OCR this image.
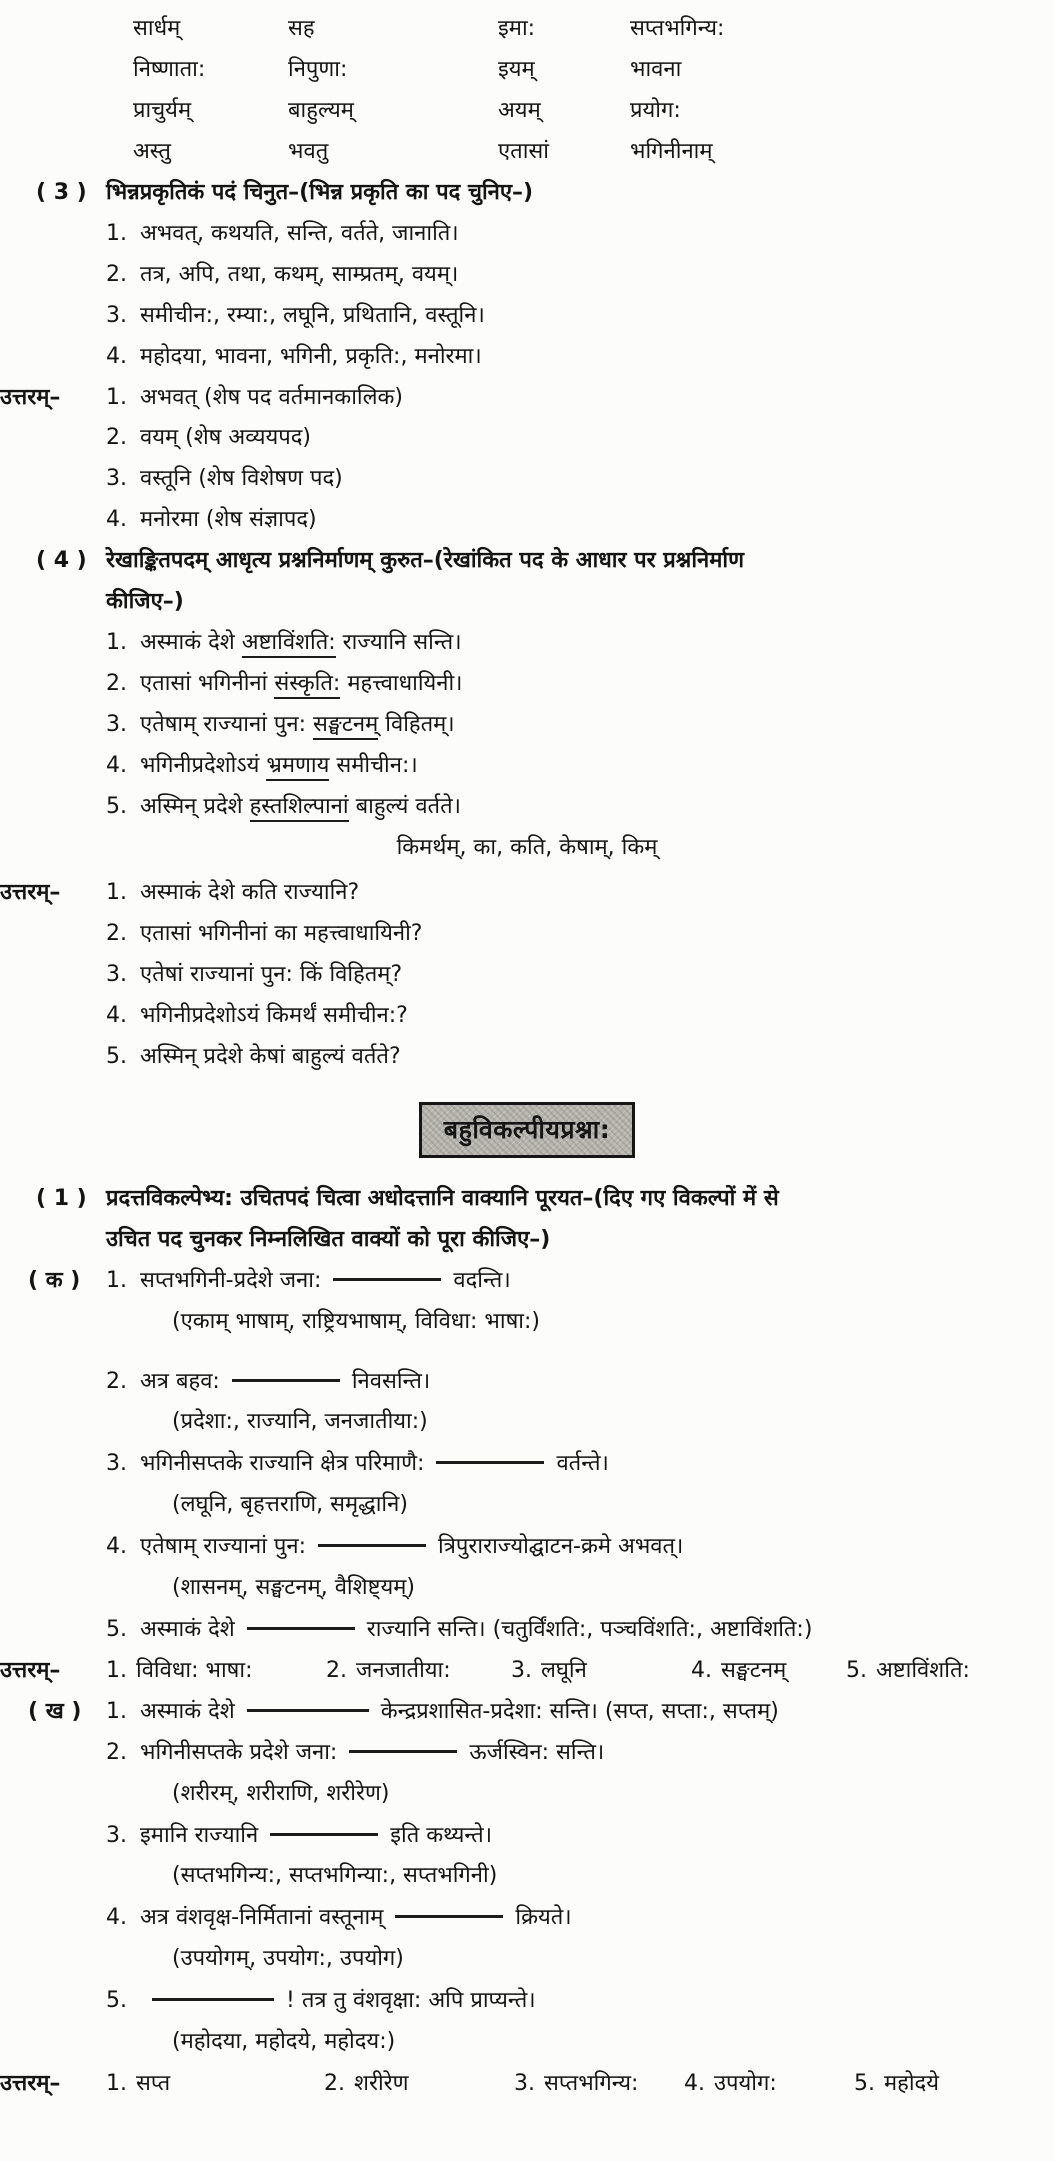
सार्धम्	सह	इमा:	सप्तभगिन्य:
निष्णाता:	निपुणा:	इयम्	भावना
प्राचुर्यम्	बाहुल्यम्	अयम्	प्रयोग:
अस्तु	भवतु	एतासां	भगिनीनाम्
( 3 ) भिन्नप्रकृतिकं पदं चिनुत–(भिन्न प्रकृति का पद चुनिए–)
1. अभवत्, कथयति, सन्ति, वर्तते, जानाति।
2. तत्र, अपि, तथा, कथम्, साम्प्रतम्, वयम्।
3. समीचीन:, रम्या:, लघूनि, प्रथितानि, वस्तूनि।
4. महोदया, भावना, भगिनी, प्रकृति:, मनोरमा।
उत्तरम्–	1. अभवत् (शेष पद वर्तमानकालिक)
2. वयम् (शेष अव्ययपद)
3. वस्तूनि (शेष विशेषण पद)
4. मनोरमा (शेष संज्ञापद)
( 4 ) रेखाङ्कितपदम् आधृत्य प्रश्ननिर्माणम् कुरुत–(रेखांकित पद के आधार पर प्रश्ननिर्माण
कीजिए–)
1. अस्माकं देशे अष्टाविंशति: राज्यानि सन्ति।
2. एतासां भगिनीनां संस्कृति: महत्त्वाधायिनी।
3. एतेषाम् राज्यानां पुन: सङ्घटनम् विहितम्।
4. भगिनीप्रदेशोऽयं भ्रमणाय समीचीन:।
5. अस्मिन् प्रदेशे हस्तशिल्पानां बाहुल्यं वर्तते।
किमर्थम्, का, कति, केषाम्, किम्
उत्तरम्–	1. अस्माकं देशे कति राज्यानि?
2. एतासां भगिनीनां का महत्त्वाधायिनी?
3. एतेषां राज्यानां पुन: किं विहितम्?
4. भगिनीप्रदेशोऽयं किमर्थं समीचीन:?
5. अस्मिन् प्रदेशे केषां बाहुल्यं वर्तते?
बहुविकल्पीयप्रश्ना:
( 1 ) प्रदत्तविकल्पेभ्य: उचितपदं चित्वा अधोदत्तानि वाक्यानि पूरयत–(दिए गए विकल्पों में से
उचित पद चुनकर निम्नलिखित वाक्यों को पूरा कीजिए–)
( क )	1. सप्तभगिनी-प्रदेशे जना:	वदन्ति।
(एकाम् भाषाम्, राष्ट्रियभाषाम्, विविधा: भाषा:)
2. अत्र बहव:	निवसन्ति।
(प्रदेशा:, राज्यानि, जनजातीया:)
3. भगिनीसप्तके राज्यानि क्षेत्र परिमाणै:	वर्तन्ते।
(लघूनि, बृहत्तराणि, समृद्धानि)
4. एतेषाम् राज्यानां पुन:	त्रिपुराराज्योद्घाटन-क्रमे अभवत्।
(शासनम्, सङ्घटनम्, वैशिष्ट्यम्)
5. अस्माकं देशे	राज्यानि सन्ति। (चतुर्विंशति:, पञ्चविंशति:, अष्टाविंशति:)
उत्तरम्–	1. विविधा: भाषा:	2. जनजातीया:	3. लघूनि	4. सङ्घटनम्	5. अष्टाविंशति:
( ख )	1. अस्माकं देशे	केन्द्रप्रशासित-प्रदेशा: सन्ति। (सप्त, सप्ता:, सप्तम्)
2. भगिनीसप्तके प्रदेशे जना:	ऊर्जस्विन: सन्ति।
(शरीरम्, शरीराणि, शरीरेण)
3. इमानि राज्यानि	इति कथ्यन्ते।
(सप्तभगिन्य:, सप्तभगिन्या:, सप्तभगिनी)
4. अत्र वंशवृक्ष-निर्मितानां वस्तूनाम्	क्रियते।
(उपयोगम्, उपयोग:, उपयोग)
5.	! तत्र तु वंशवृक्षा: अपि प्राप्यन्ते।
(महोदया, महोदये, महोदय:)
उत्तरम्–	1. सप्त	2. शरीरेण	3. सप्तभगिन्य:	4. उपयोग:	5. महोदये
